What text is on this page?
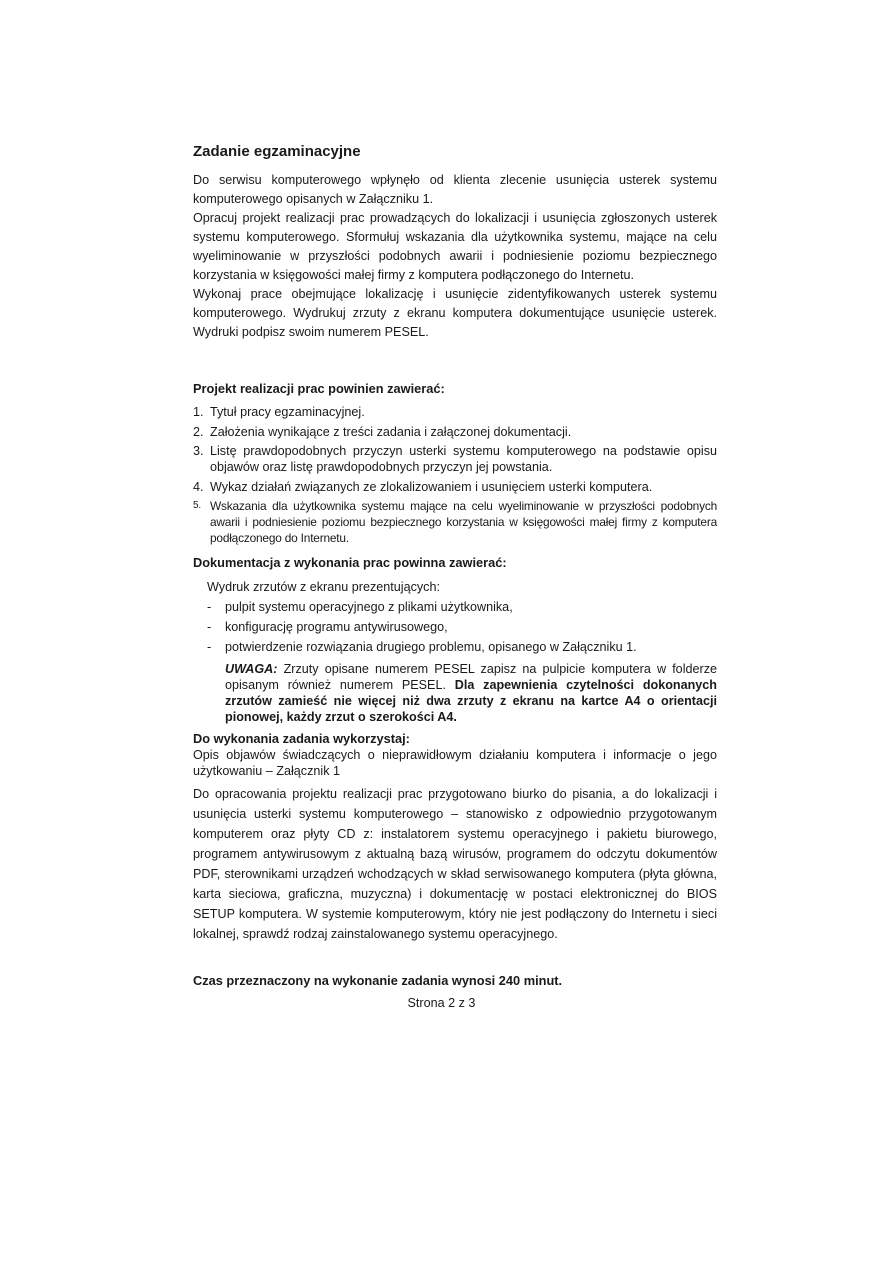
Zadanie egzaminacyjne

Do serwisu komputerowego wpłynęło od klienta zlecenie usunięcia usterek systemu komputerowego opisanych w Załączniku 1.

Opracuj projekt realizacji prac prowadzących do lokalizacji i usunięcia zgłoszonych usterek systemu komputerowego. Sformułuj wskazania dla użytkownika systemu, mające na celu wyeliminowanie w przyszłości podobnych awarii i podniesienie poziomu bezpiecznego korzystania w księgowości małej firmy z komputera podłączonego do Internetu.

Wykonaj prace obejmujące lokalizację i usunięcie zidentyfikowanych usterek systemu komputerowego. Wydrukuj zrzuty z ekranu komputera dokumentujące usunięcie usterek. Wydruki podpisz swoim numerem PESEL.

Projekt realizacji prac powinien zawierać:
1. Tytuł pracy egzaminacyjnej.
2. Założenia wynikające z treści zadania i załączonej dokumentacji.
3. Listę prawdopodobnych przyczyn usterki systemu komputerowego na podstawie opisu objawów oraz listę prawdopodobnych przyczyn jej powstania.
4. Wykaz działań związanych ze zlokalizowaniem i usunięciem usterki komputera.
5. Wskazania dla użytkownika systemu mające na celu wyeliminowanie w przyszłości podobnych awarii i podniesienie poziomu bezpiecznego korzystania w księgowości małej firmy z komputera podłączonego do Internetu.
Dokumentacja z wykonania prac powinna zawierać:
Wydruk zrzutów z ekranu prezentujących:
- pulpit systemu operacyjnego z plikami użytkownika,
- konfigurację programu antywirusowego,
- potwierdzenie rozwiązania drugiego problemu, opisanego w Załączniku 1.
UWAGA: Zrzuty opisane numerem PESEL zapisz na pulpicie komputera w folderze opisanym również numerem PESEL. Dla zapewnienia czytelności dokonanych zrzutów zamieść nie więcej niż dwa zrzuty z ekranu na kartce A4 o orientacji pionowej, każdy zrzut o szerokości A4.
Do wykonania zadania wykorzystaj:
Opis objawów świadczących o nieprawidłowym działaniu komputera i informacje o jego użytkowaniu – Załącznik 1
Do opracowania projektu realizacji prac przygotowano biurko do pisania, a do lokalizacji i usunięcia usterki systemu komputerowego – stanowisko z odpowiednio przygotowanym komputerem oraz płyty CD z: instalatorem systemu operacyjnego i pakietu biurowego, programem antywirusowym z aktualną bazą wirusów, programem do odczytu dokumentów PDF, sterownikami urządzeń wchodzących w skład serwisowanego komputera (płyta główna, karta sieciowa, graficzna, muzyczna) i dokumentację w postaci elektronicznej do BIOS SETUP komputera. W systemie komputerowym, który nie jest podłączony do Internetu i sieci lokalnej, sprawdź rodzaj zainstalowanego systemu operacyjnego.
Czas przeznaczony na wykonanie zadania wynosi 240 minut.
Strona 2 z 3
